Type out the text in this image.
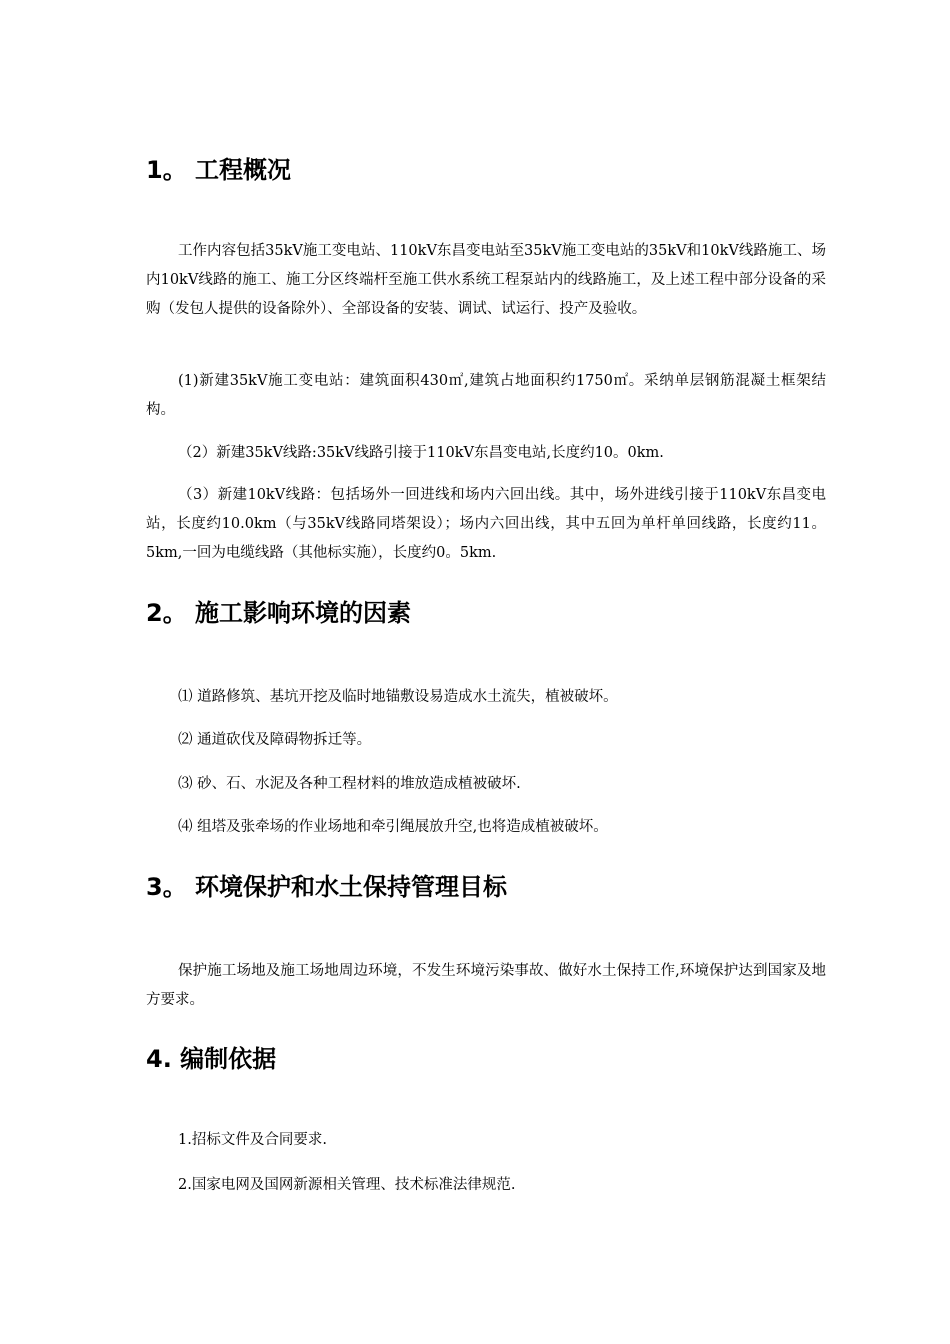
1。 工程概况

工作内容包括35kV施工变电站、110kV东昌变电站至35kV施工变电站的35kV和10kV线路施工、场内10kV线路的施工、施工分区终端杆至施工供水系统工程泵站内的线路施工，及上述工程中部分设备的采购（发包人提供的设备除外）、全部设备的安装、调试、试运行、投产及验收。

(1)新建35kV施工变电站：建筑面积430㎡,建筑占地面积约1750㎡。采纳单层钢筋混凝土框架结构。

（2）新建35kV线路:35kV线路引接于110kV东昌变电站,长度约10。0km.

（3）新建10kV线路：包括场外一回进线和场内六回出线。其中，场外进线引接于110kV东昌变电站，长度约10.0km（与35kV线路同塔架设）；场内六回出线，其中五回为单杆单回线路，长度约11。5km,一回为电缆线路（其他标实施），长度约0。5km.

2。 施工影响环境的因素

⑴ 道路修筑、基坑开挖及临时地锚敷设易造成水土流失，植被破坏。

⑵ 通道砍伐及障碍物拆迁等。

⑶ 砂、石、水泥及各种工程材料的堆放造成植被破坏.

⑷ 组塔及张牵场的作业场地和牵引绳展放升空,也将造成植被破坏。

3。 环境保护和水土保持管理目标

保护施工场地及施工场地周边环境，不发生环境污染事故、做好水土保持工作,环境保护达到国家及地方要求。

4. 编制依据

1.招标文件及合同要求.

2.国家电网及国网新源相关管理、技术标准法律规范.
